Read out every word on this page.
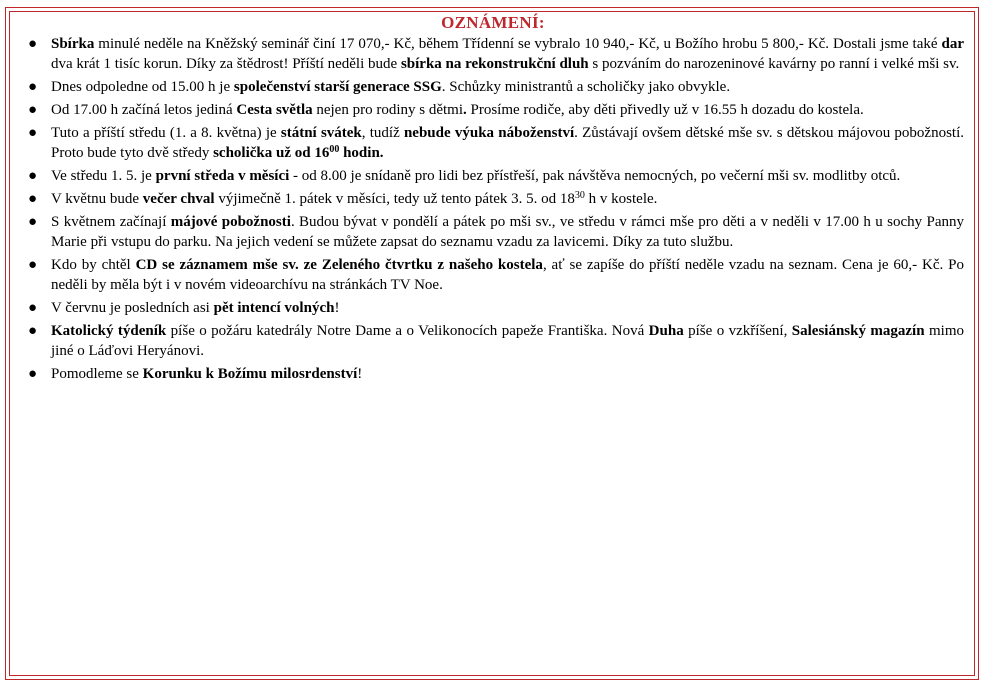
OZNÁMENÍ:
● Sbírka minulé neděle na Kněžský seminář činí 17 070,- Kč, během Třídenní se vybralo 10 940,- Kč, u Božího hrobu 5 800,- Kč. Dostali jsme také dar dva krát 1 tisíc korun. Díky za štědrost! Příští neděli bude sbírka na rekonstrukční dluh s pozváním do narozeninové kavárny po ranní i velké mši sv.
● Dnes odpoledne od 15.00 h je společenství starší generace SSG. Schůzky ministrantů a scholičky jako obvykle.
● Od 17.00 h začíná letos jediná Cesta světla nejen pro rodiny s dětmi. Prosíme rodiče, aby děti přivedly už v 16.55 h dozadu do kostela.
● Tuto a příští středu (1. a 8. května) je státní svátek, tudíž nebude výuka náboženství. Zůstávají ovšem dětské mše sv. s dětskou májovou pobožností. Proto bude tyto dvě středy scholička už od $16^{00}$ hodin.
● Ve středu 1. 5. je první středa v měsíci - od 8.00 je snídaně pro lidi bez přístřeší, pak návštěva nemocných, po večerní mši sv. modlitby otců.
● V květnu bude večer chval výjimečně 1. pátek v měsíci, tedy už tento pátek 3. 5. od $18^{30}$ h v kostele.
● S květnem začínají májové pobožnosti. Budou bývat v pondělí a pátek po mši sv., ve středu v rámci mše pro děti a v neděli v 17.00 h u sochy Panny Marie při vstupu do parku. Na jejich vedení se můžete zapsat do seznamu vzadu za lavicemi. Díky za tuto službu.
● Kdo by chtěl CD se záznamem mše sv. ze Zeleného čtvrtku z našeho kostela, ať se zapíše do příští neděle vzadu na seznam. Cena je 60,- Kč. Po neděli by měla být i v novém videoarchívu na stránkách TV Noe.
● V červnu je posledních asi pět intencí volných!
● Katolický týdeník píše o požáru katedrály Notre Dame a o Velikonocích papeže Františka. Nová Duha píše o vzkříšení, Salesiánský magazín mimo jiné o Láďovi Heryánovi.
● Pomodleme se Korunku k Božímu milosrdenství!
